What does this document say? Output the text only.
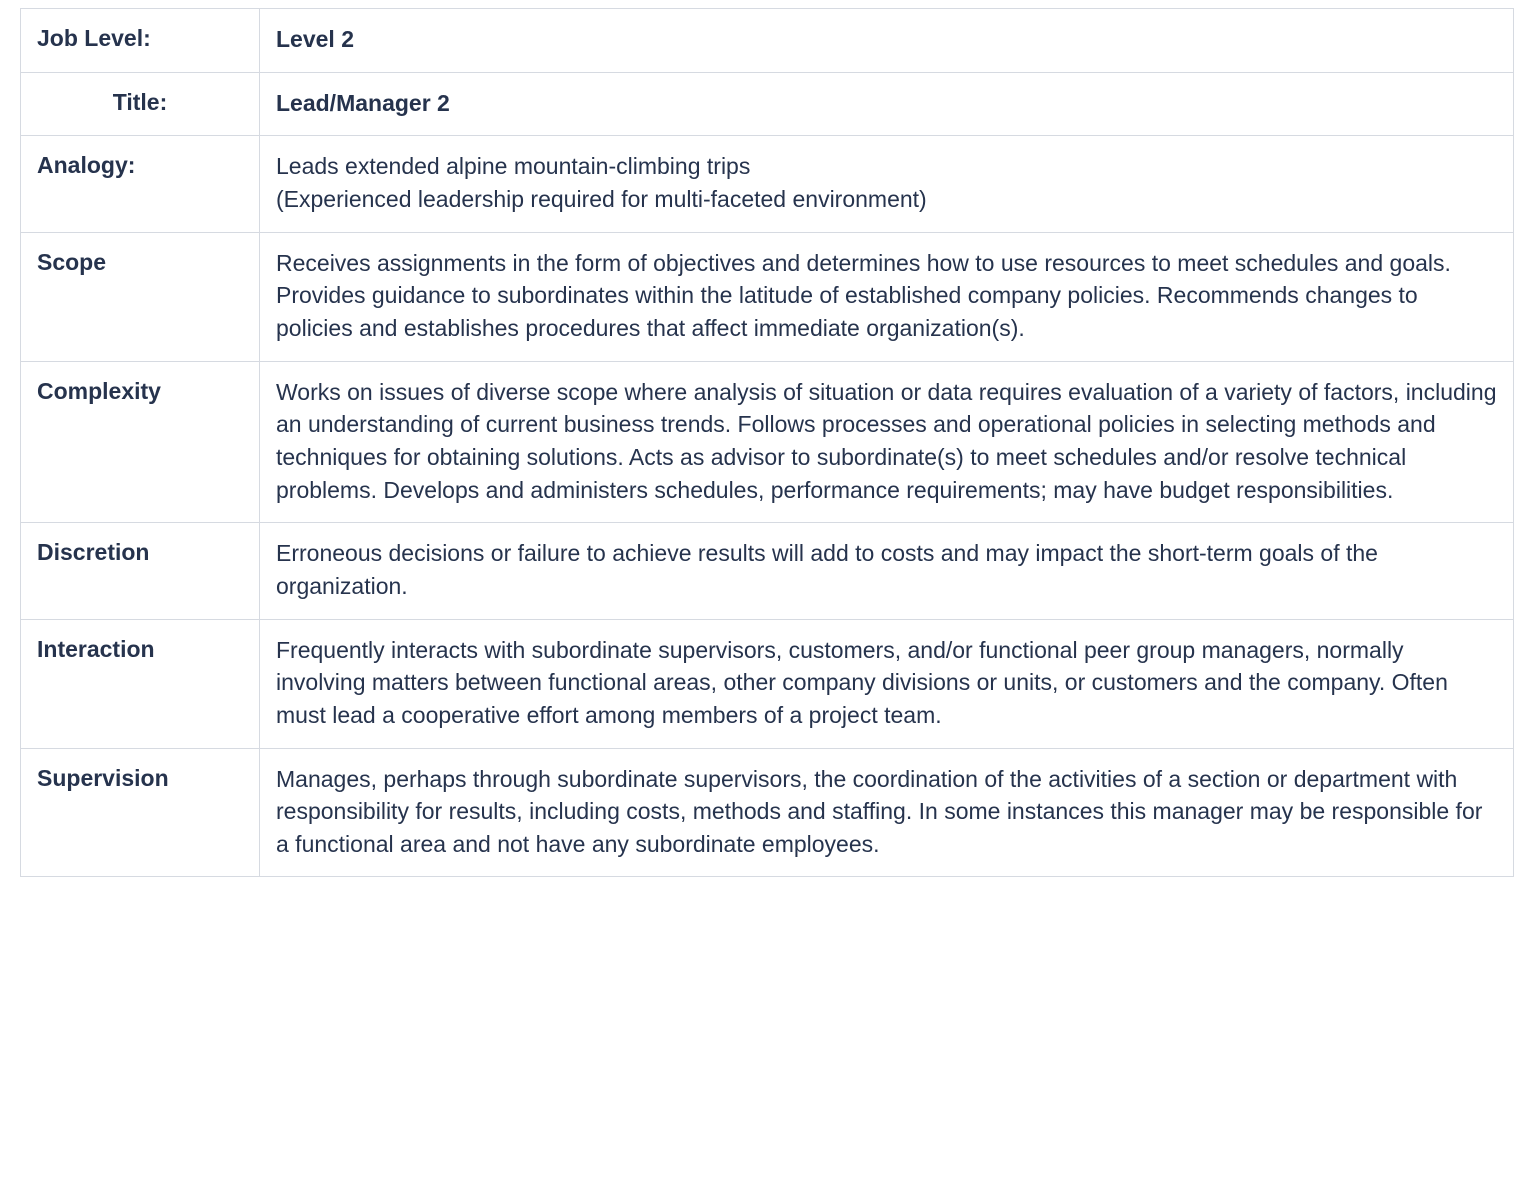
Job Level:	Level 2
Title:	Lead/Manager 2
Analogy:	Leads extended alpine mountain-climbing trips
(Experienced leadership required for multi-faceted environment)

Scope	Receives assignments in the form of objectives and determines how to use resources to meet schedules and goals. Provides guidance to subordinates within the latitude of established company policies. Recommends changes to policies and establishes procedures that affect immediate organization(s).
Complexity	Works on issues of diverse scope where analysis of situation or data requires evaluation of a variety of factors, including an understanding of current business trends. Follows processes and operational policies in selecting methods and techniques for obtaining solutions. Acts as advisor to subordinate(s) to meet schedules and/or resolve technical problems. Develops and administers schedules, performance requirements; may have budget responsibilities.
Discretion	Erroneous decisions or failure to achieve results will add to costs and may impact the short-term goals of the organization.
Interaction	Frequently interacts with subordinate supervisors, customers, and/or functional peer group managers, normally involving matters between functional areas, other company divisions or units, or customers and the company. Often must lead a cooperative effort among members of a project team.
Supervision	Manages, perhaps through subordinate supervisors, the coordination of the activities of a section or department with responsibility for results, including costs, methods and staffing. In some instances this manager may be responsible for a functional area and not have any subordinate employees.
